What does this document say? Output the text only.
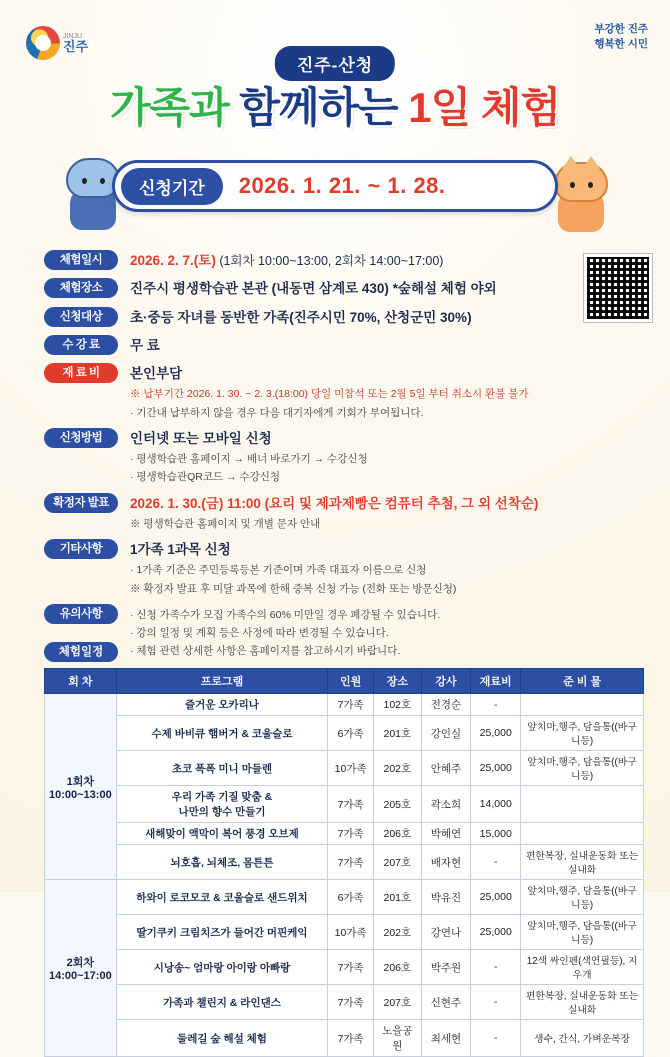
JINJU
진주
부강한 진주
행복한 시민
진주-산청
가족과 함께하는 1일 체험
신청기간	2026. 1. 21. ~ 1. 28.
체험일시	2026. 2. 7.(토) (1회차 10:00~13:00, 2회차 14:00~17:00)
체험장소	진주시 평생학습관 본관 (내동면 삼계로 430) *숲해설 체험 야외
신청대상	초·중등 자녀를 동반한 가족(진주시민 70%, 산청군민 30%)
수 강 료	무 료
재 료 비	본인부담
※ 납부기간 2026. 1. 30. ~ 2. 3.(18:00) 당일 미참석 또는 2월 5일 부터 취소시 환불 불가
· 기간내 납부하지 않을 경우 다음 대기자에게 기회가 부여됩니다.
신청방법	인터넷 또는 모바일 신청
· 평생학습관 홈페이지 → 배너 바로가기 → 수강신청
· 평생학습관QR코드 → 수강신청
확정자 발표	2026. 1. 30.(금) 11:00 (요리 및 제과제빵은 컴퓨터 추첨, 그 외 선착순)
※ 평생학습관 홈페이지 및 개별 문자 안내
기타사항	1가족 1과목 신청
· 1가족 기준은 주민등록등본 기준이며 가족 대표자 이름으로 신청
※ 확정자 발표 후 미달 과목에 한해 중복 신청 가능 (전화 또는 방문신청)
유의사항	· 신청 가족수가 모집 가족수의 60% 미만일 경우 폐강될 수 있습니다.
· 강의 일정 및 계획 등은 사정에 따라 변경될 수 있습니다.
· 체험 관련 상세한 사항은 홈페이지를 참고하시기 바랍니다.
체험일정
회 차	프로그램	인원	장소	강사	재료비	준 비 물

1회차
10:00~13:00	즐거운 오카리나	7가족	102호	전경순	-	
	수제 바비큐 햄버거 & 코울슬로	6가족	201호	강인실	25,000	앞치마,행주, 담을통((바구니등)
	초코 폭폭 미니 마들렌	10가족	202호	안혜주	25,000	앞치마,행주, 담을통((바구니등)
	우리 가족 기질 맞춤 &
나만의 향수 만들기	7가족	205호	곽소희	14,000	
	새해맞이 액막이 복어 풍경 오브제	7가족	206호	박혜연	15,000	
	뇌호흡, 뇌체조, 몸튼튼	7가족	207호	배자현	-	편한복장, 실내운동화 또는 실내화

2회차
14:00~17:00	하와이 로코모코 & 코울슬로 샌드위치	6가족	201호	박유진	25,000	앞치마,행주, 담을통((바구니등)
	딸기쿠키 크림치즈가 들어간 머핀케익	10가족	202호	강연나	25,000	앞치마,행주, 담을통((바구니등)
	시낭송~ 엄마랑 아이랑 아빠랑	7가족	206호	박주원	-	12색 싸인펜(색연필등), 지우개
	가족과 챌린지 & 라인댄스	7가족	207호	신현주	-	편한복장, 실내운동화 또는 실내화
	둘레길 숲 해설 체험	7가족	노을공원	최세현	-	생수, 간식, 가벼운복장
